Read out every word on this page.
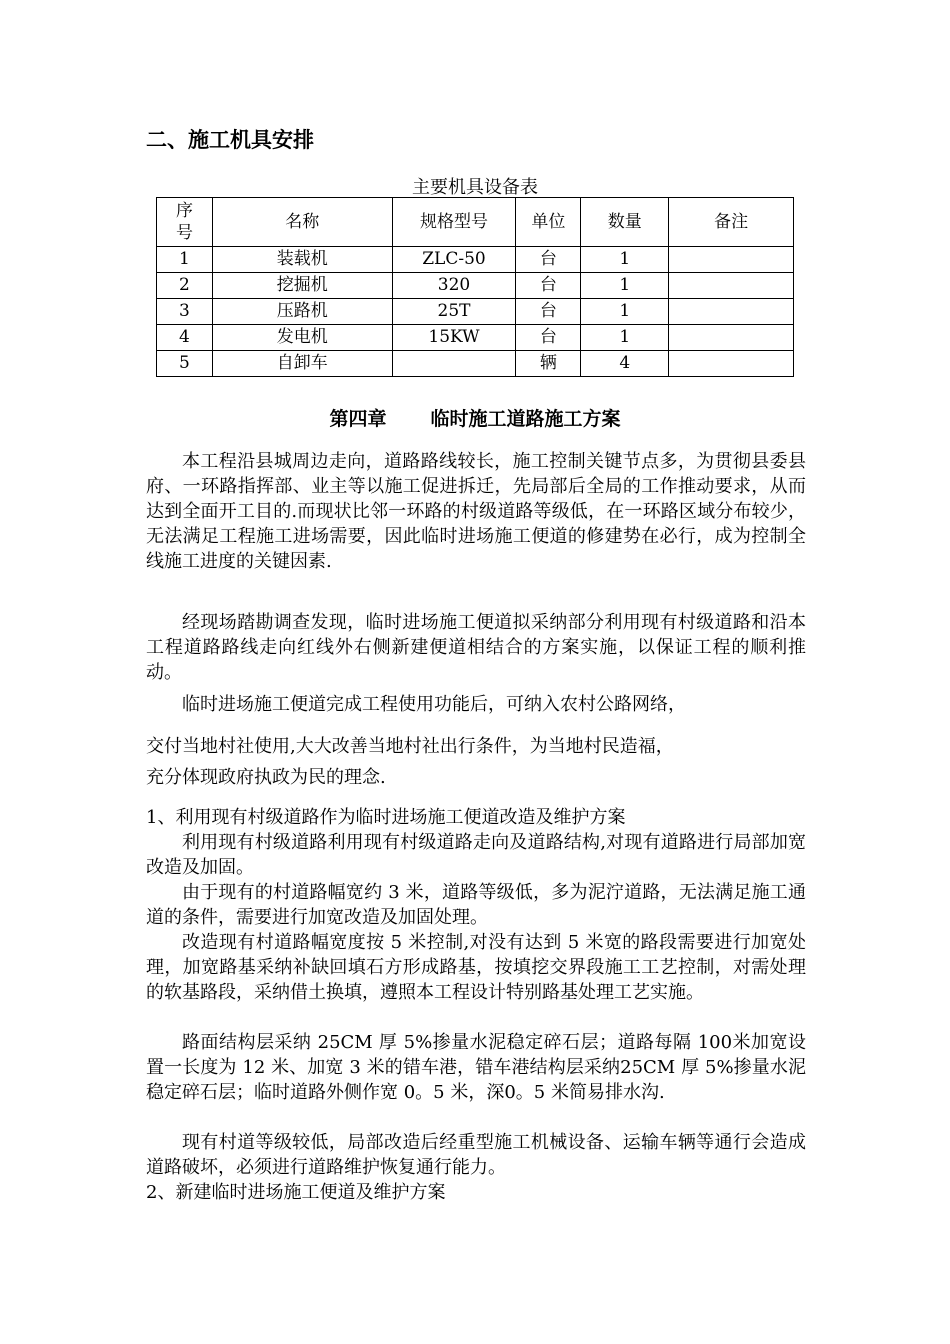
二、施工机具安排
主要机具设备表
序号	名称	规格型号	单位	数量	备注
1	装载机	ZLC-50	台	1	
2	挖掘机	320	台	1	
3	压路机	25T	台	1	
4	发电机	15KW	台	1	
5	自卸车		辆	4	
第四章 临时施工道路施工方案
本工程沿县城周边走向，道路路线较长，施工控制关键节点多，为贯彻县委县府、一环路指挥部、业主等以施工促进拆迁，先局部后全局的工作推动要求，从而达到全面开工目的.而现状比邻一环路的村级道路等级低，在一环路区域分布较少，无法满足工程施工进场需要，因此临时进场施工便道的修建势在必行，成为控制全线施工进度的关键因素.
经现场踏勘调查发现，临时进场施工便道拟采纳部分利用现有村级道路和沿本工程道路路线走向红线外右侧新建便道相结合的方案实施，以保证工程的顺利推动。
临时进场施工便道完成工程使用功能后，可纳入农村公路网络，
交付当地村社使用,大大改善当地村社出行条件，为当地村民造福，
充分体现政府执政为民的理念.
1、利用现有村级道路作为临时进场施工便道改造及维护方案
利用现有村级道路利用现有村级道路走向及道路结构,对现有道路进行局部加宽改造及加固。
由于现有的村道路幅宽约 3 米，道路等级低，多为泥泞道路，无法满足施工通道的条件，需要进行加宽改造及加固处理。
改造现有村道路幅宽度按 5 米控制,对没有达到 5 米宽的路段需要进行加宽处理，加宽路基采纳补缺回填石方形成路基，按填挖交界段施工工艺控制，对需处理的软基路段，采纳借土换填，遵照本工程设计特别路基处理工艺实施。
路面结构层采纳 25CM 厚 5%掺量水泥稳定碎石层；道路每隔 100米加宽设置一长度为 12 米、加宽 3 米的错车港，错车港结构层采纳25CM 厚 5%掺量水泥稳定碎石层；临时道路外侧作宽 0。5 米，深0。5 米简易排水沟.
现有村道等级较低，局部改造后经重型施工机械设备、运输车辆等通行会造成道路破坏，必须进行道路维护恢复通行能力。
2、新建临时进场施工便道及维护方案
